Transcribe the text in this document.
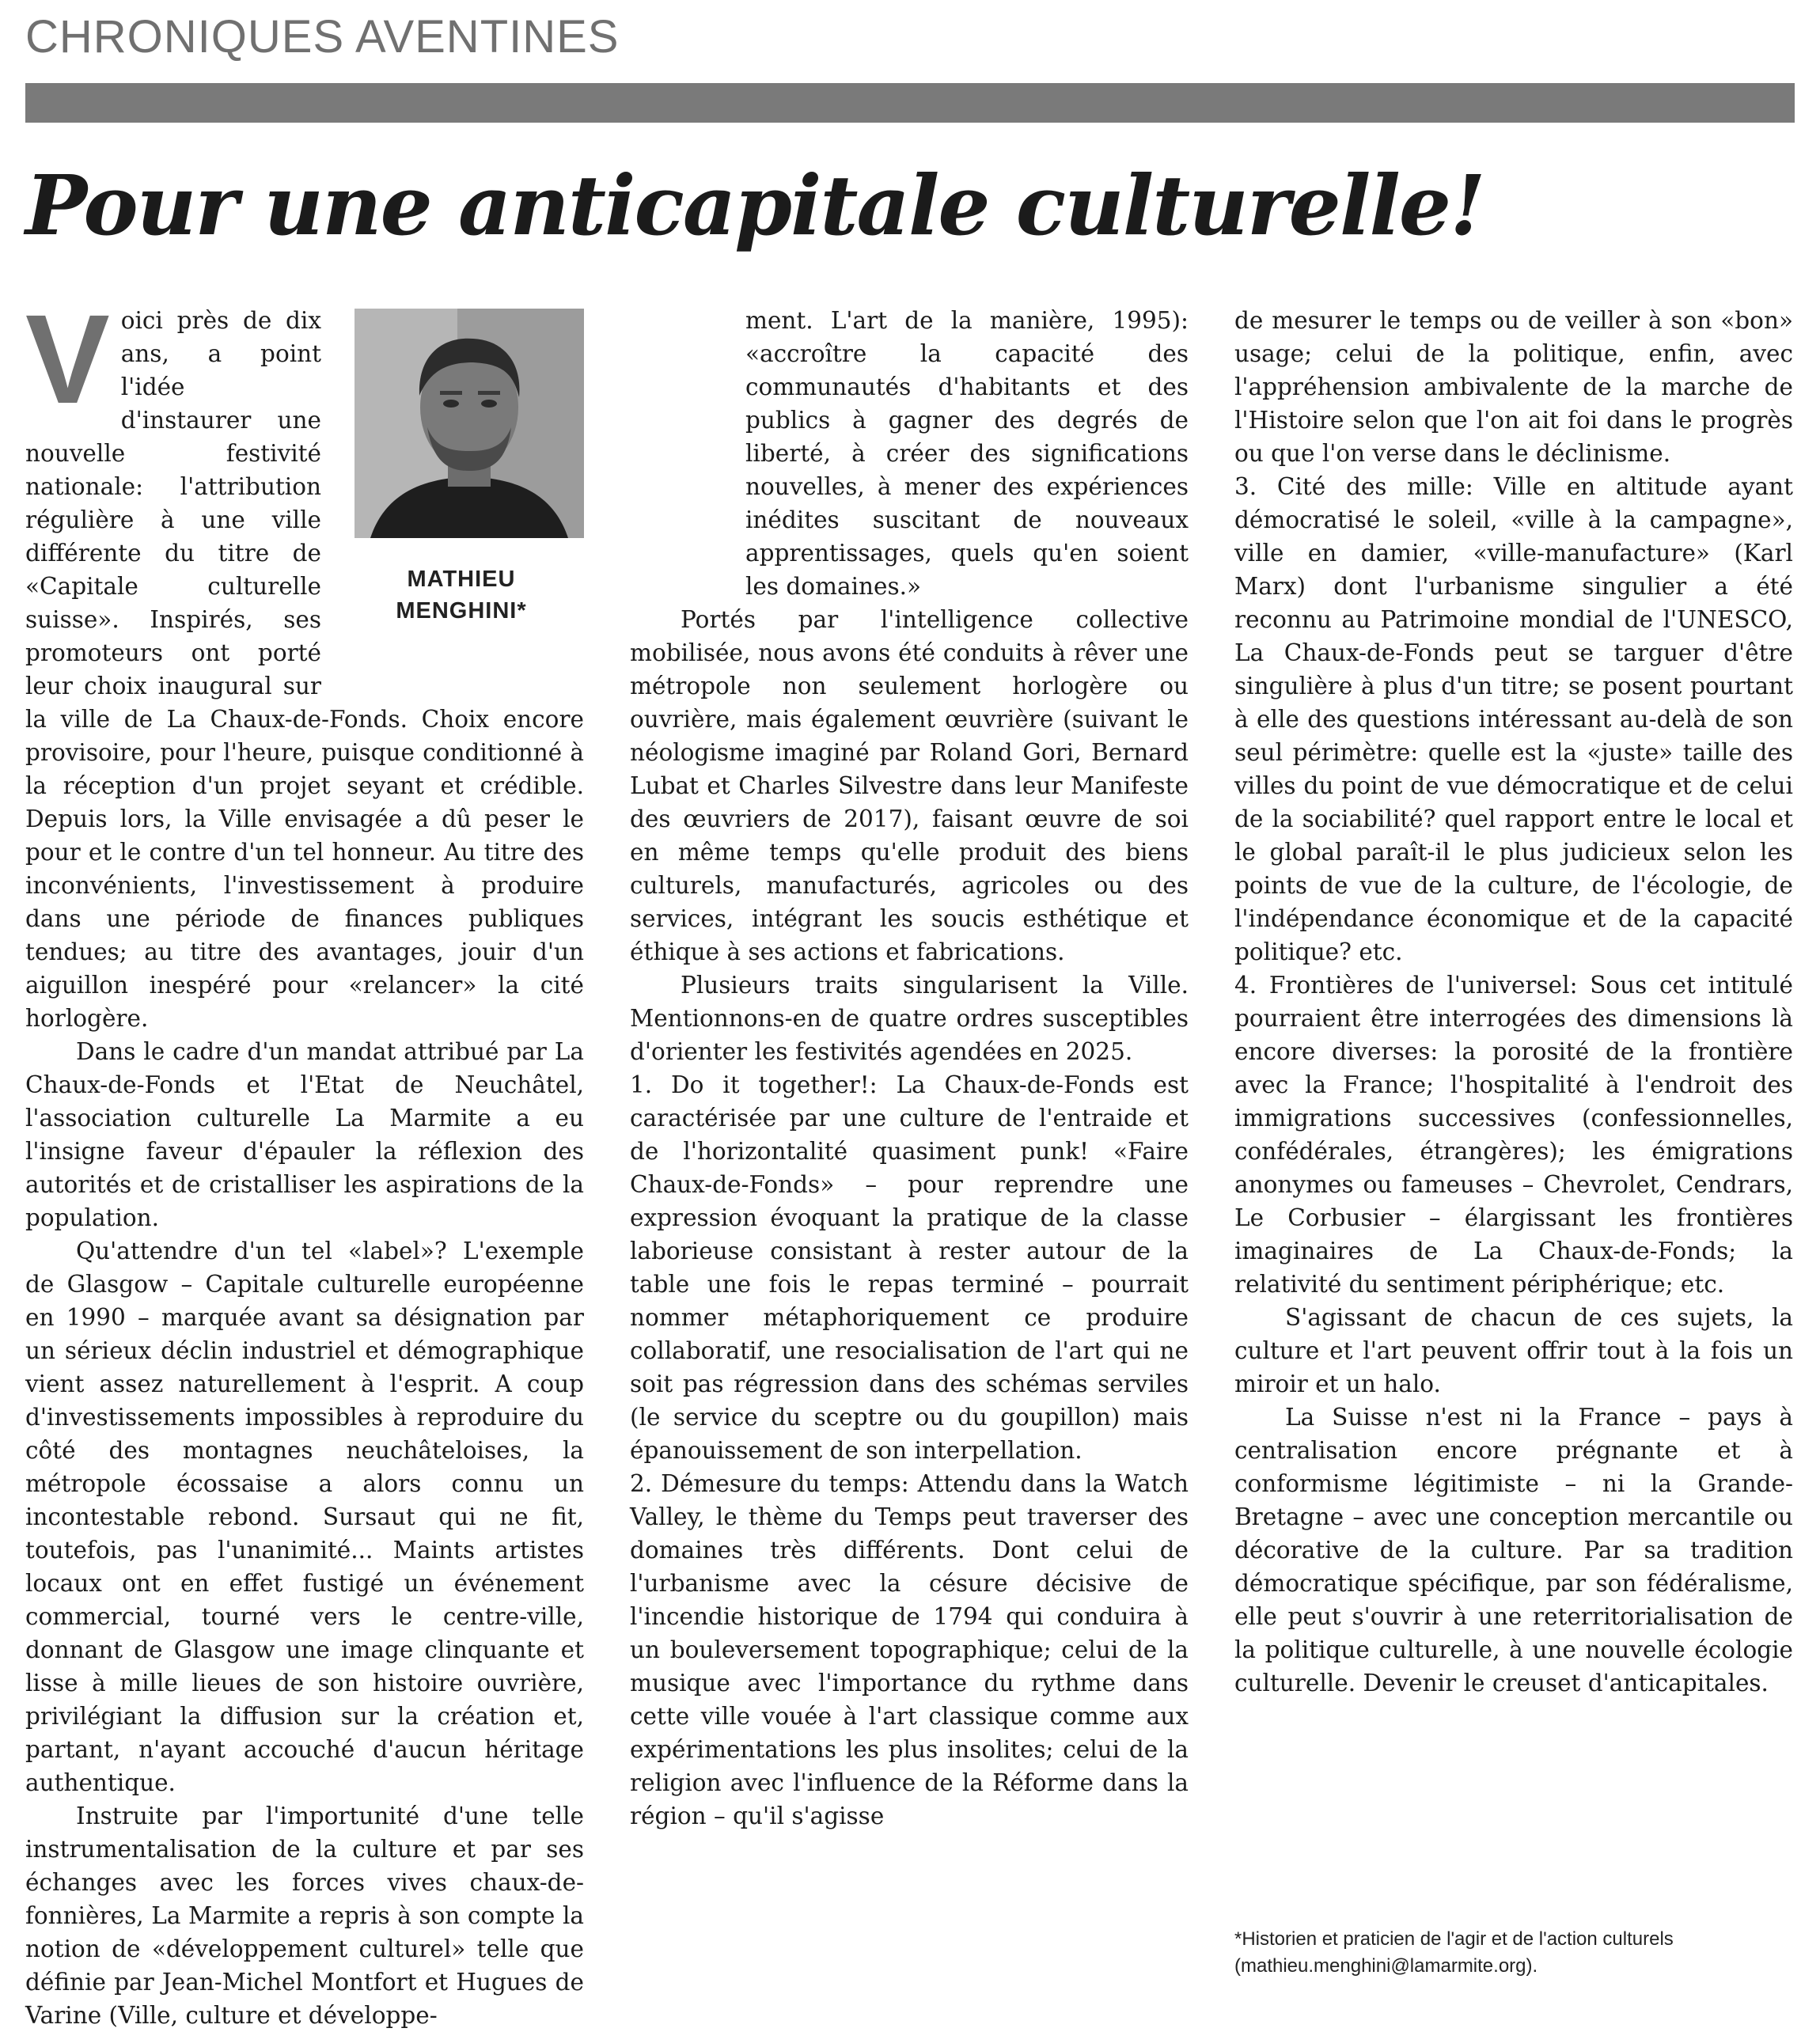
CHRONIQUES AVENTINES
Pour une anticapitale culturelle!
MATHIEU
MENGHINI*
V oici près de dix ans, a point l'idée d'instaurer une nouvelle festivité nationale: l'attribution régulière à une ville différente du titre de «Capitale culturelle suisse». Inspirés, ses promoteurs ont porté leur choix inaugural sur la ville de La Chaux-de-Fonds. Choix encore provisoire, pour l'heure, puisque conditionné à la réception d'un projet seyant et crédible. Depuis lors, la Ville envisagée a dû peser le pour et le contre d'un tel honneur. Au titre des inconvénients, l'investissement à produire dans une période de finances publiques tendues; au titre des avantages, jouir d'un aiguillon inespéré pour «relancer» la cité horlogère.

Dans le cadre d'un mandat attribué par La Chaux-de-Fonds et l'Etat de Neuchâtel, l'association culturelle La Marmite a eu l'insigne faveur d'épauler la réflexion des autorités et de cristalliser les aspirations de la population.

Qu'attendre d'un tel «label»? L'exemple de Glasgow – Capitale culturelle européenne en 1990 – marquée avant sa désignation par un sérieux déclin industriel et démographique vient assez naturellement à l'esprit. A coup d'investissements impossibles à reproduire du côté des montagnes neuchâteloises, la métropole écossaise a alors connu un incontestable rebond. Sursaut qui ne fit, toutefois, pas l'unanimité... Maints artistes locaux ont en effet fustigé un événement commercial, tourné vers le centre-ville, donnant de Glasgow une image clinquante et lisse à mille lieues de son histoire ouvrière, privilégiant la diffusion sur la création et, partant, n'ayant accouché d'aucun héritage authentique.

Instruite par l'importunité d'une telle instrumentalisation de la culture et par ses échanges avec les forces vives chaux-de-fonnières, La Marmite a repris à son compte la notion de «développement culturel» telle que définie par Jean-Michel Montfort et Hugues de Varine (Ville, culture et développe-

ment. L'art de la manière, 1995): «accroître la capacité des communautés d'habitants et des publics à gagner des degrés de liberté, à créer des significations nouvelles, à mener des expériences inédites suscitant de nouveaux apprentissages, quels qu'en soient les domaines.»

Portés par l'intelligence collective mobilisée, nous avons été conduits à rêver une métropole non seulement horlogère ou ouvrière, mais également œuvrière (suivant le néologisme imaginé par Roland Gori, Bernard Lubat et Charles Silvestre dans leur Manifeste des œuvriers de 2017), faisant œuvre de soi en même temps qu'elle produit des biens culturels, manufacturés, agricoles ou des services, intégrant les soucis esthétique et éthique à ses actions et fabrications.

Plusieurs traits singularisent la Ville. Mentionnons-en de quatre ordres susceptibles d'orienter les festivités agendées en 2025.

1. Do it together!: La Chaux-de-Fonds est caractérisée par une culture de l'entraide et de l'horizontalité quasiment punk! «Faire Chaux-de-Fonds» – pour reprendre une expression évoquant la pratique de la classe laborieuse consistant à rester autour de la table une fois le repas terminé – pourrait nommer métaphoriquement ce produire collaboratif, une resocialisation de l'art qui ne soit pas régression dans des schémas serviles (le service du sceptre ou du goupillon) mais épanouissement de son interpellation.

2. Démesure du temps: Attendu dans la Watch Valley, le thème du Temps peut traverser des domaines très différents. Dont celui de l'urbanisme avec la césure décisive de l'incendie historique de 1794 qui conduira à un bouleversement topographique; celui de la musique avec l'importance du rythme dans cette ville vouée à l'art classique comme aux expérimentations les plus insolites; celui de la religion avec l'influence de la Réforme dans la région – qu'il s'agisse

de mesurer le temps ou de veiller à son «bon» usage; celui de la politique, enfin, avec l'appréhension ambivalente de la marche de l'Histoire selon que l'on ait foi dans le progrès ou que l'on verse dans le déclinisme.

3. Cité des mille: Ville en altitude ayant démocratisé le soleil, «ville à la campagne», ville en damier, «ville-manufacture» (Karl Marx) dont l'urbanisme singulier a été reconnu au Patrimoine mondial de l'UNESCO, La Chaux-de-Fonds peut se targuer d'être singulière à plus d'un titre; se posent pourtant à elle des questions intéressant au-delà de son seul périmètre: quelle est la «juste» taille des villes du point de vue démocratique et de celui de la sociabilité? quel rapport entre le local et le global paraît-il le plus judicieux selon les points de vue de la culture, de l'écologie, de l'indépendance économique et de la capacité politique? etc.

4. Frontières de l'universel: Sous cet intitulé pourraient être interrogées des dimensions là encore diverses: la porosité de la frontière avec la France; l'hospitalité à l'endroit des immigrations successives (confessionnelles, confédérales, étrangères); les émigrations anonymes ou fameuses – Chevrolet, Cendrars, Le Corbusier – élargissant les frontières imaginaires de La Chaux-de-Fonds; la relativité du sentiment périphérique; etc.

S'agissant de chacun de ces sujets, la culture et l'art peuvent offrir tout à la fois un miroir et un halo.

La Suisse n'est ni la France – pays à centralisation encore prégnante et à conformisme légitimiste – ni la Grande-Bretagne – avec une conception mercantile ou décorative de la culture. Par sa tradition démocratique spécifique, par son fédéralisme, elle peut s'ouvrir à une reterritorialisation de la politique culturelle, à une nouvelle écologie culturelle. Devenir le creuset d'anticapitales.

*Historien et praticien de l'agir et de l'action culturels
(mathieu.menghini@lamarmite.org).
